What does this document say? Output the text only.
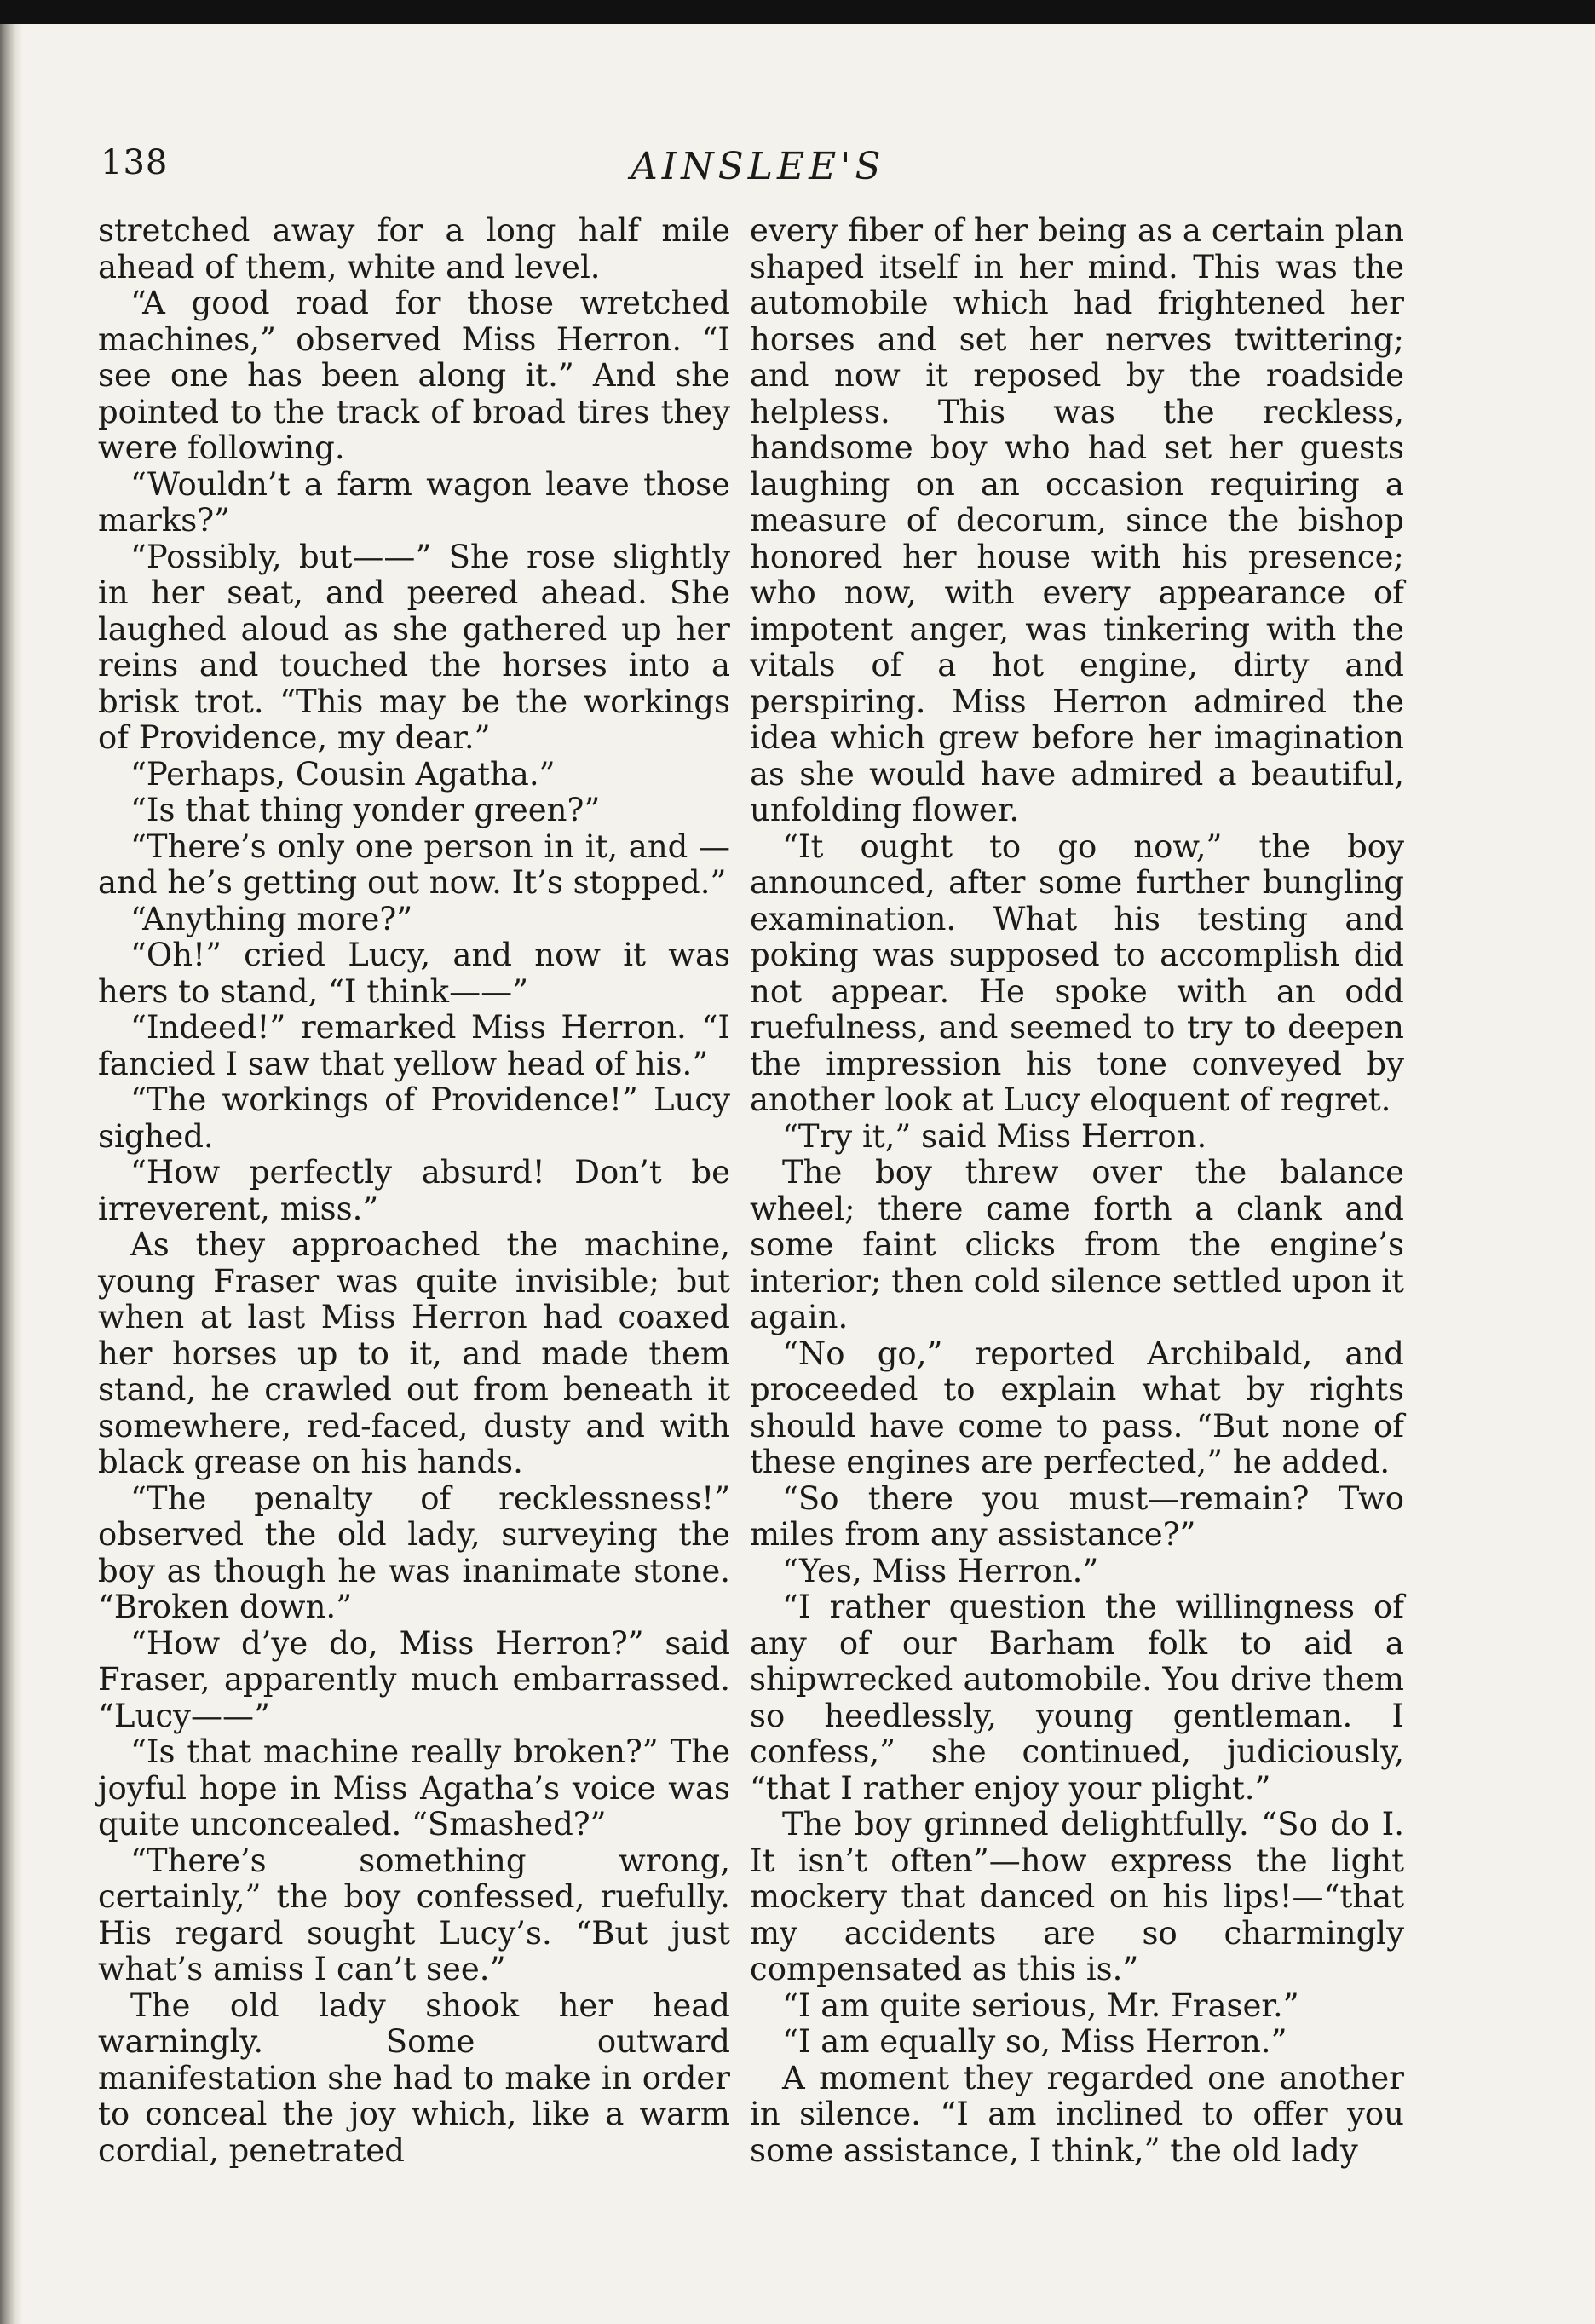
138	AINSLEE'S

stretched away for a long half mile ahead of them, white and level.

“A good road for those wretched machines,” observed Miss Herron. “I see one has been along it.” And she pointed to the track of broad tires they were following.

“Wouldn’t a farm wagon leave those marks?”

“Possibly, but——” She rose slightly in her seat, and peered ahead. She laughed aloud as she gathered up her reins and touched the horses into a brisk trot. “This may be the workings of Providence, my dear.”

“Perhaps, Cousin Agatha.”

“Is that thing yonder green?”

“There’s only one person in it, and —and he’s getting out now. It’s stopped.”

“Anything more?”

“Oh!” cried Lucy, and now it was hers to stand, “I think——”

“Indeed!” remarked Miss Herron. “I fancied I saw that yellow head of his.”

“The workings of Providence!” Lucy sighed.

“How perfectly absurd! Don’t be irreverent, miss.”

As they approached the machine, young Fraser was quite invisible; but when at last Miss Herron had coaxed her horses up to it, and made them stand, he crawled out from beneath it somewhere, red-faced, dusty and with black grease on his hands.

“The penalty of recklessness!” observed the old lady, surveying the boy as though he was inanimate stone. “Broken down.”

“How d’ye do, Miss Herron?” said Fraser, apparently much embarrassed. “Lucy——”

“Is that machine really broken?” The joyful hope in Miss Agatha’s voice was quite unconcealed. “Smashed?”

“There’s something wrong, certainly,” the boy confessed, ruefully. His regard sought Lucy’s. “But just what’s amiss I can’t see.”

The old lady shook her head warningly. Some outward manifestation she had to make in order to conceal the joy which, like a warm cordial, penetrated

every fiber of her being as a certain plan shaped itself in her mind. This was the automobile which had frightened her horses and set her nerves twittering; and now it reposed by the roadside helpless. This was the reckless, handsome boy who had set her guests laughing on an occasion requiring a measure of decorum, since the bishop honored her house with his presence; who now, with every appearance of impotent anger, was tinkering with the vitals of a hot engine, dirty and perspiring. Miss Herron admired the idea which grew before her imagination as she would have admired a beautiful, unfolding flower.

“It ought to go now,” the boy announced, after some further bungling examination. What his testing and poking was supposed to accomplish did not appear. He spoke with an odd ruefulness, and seemed to try to deepen the impression his tone conveyed by another look at Lucy eloquent of regret.

“Try it,” said Miss Herron.

The boy threw over the balance wheel; there came forth a clank and some faint clicks from the engine’s interior; then cold silence settled upon it again.

“No go,” reported Archibald, and proceeded to explain what by rights should have come to pass. “But none of these engines are perfected,” he added.

“So there you must—remain? Two miles from any assistance?”

“Yes, Miss Herron.”

“I rather question the willingness of any of our Barham folk to aid a shipwrecked automobile. You drive them so heedlessly, young gentleman. I confess,” she continued, judiciously, “that I rather enjoy your plight.”

The boy grinned delightfully. “So do I. It isn’t often”—how express the light mockery that danced on his lips!—“that my accidents are so charmingly compensated as this is.”

“I am quite serious, Mr. Fraser.”

“I am equally so, Miss Herron.”

A moment they regarded one another in silence. “I am inclined to offer you some assistance, I think,” the old lady
